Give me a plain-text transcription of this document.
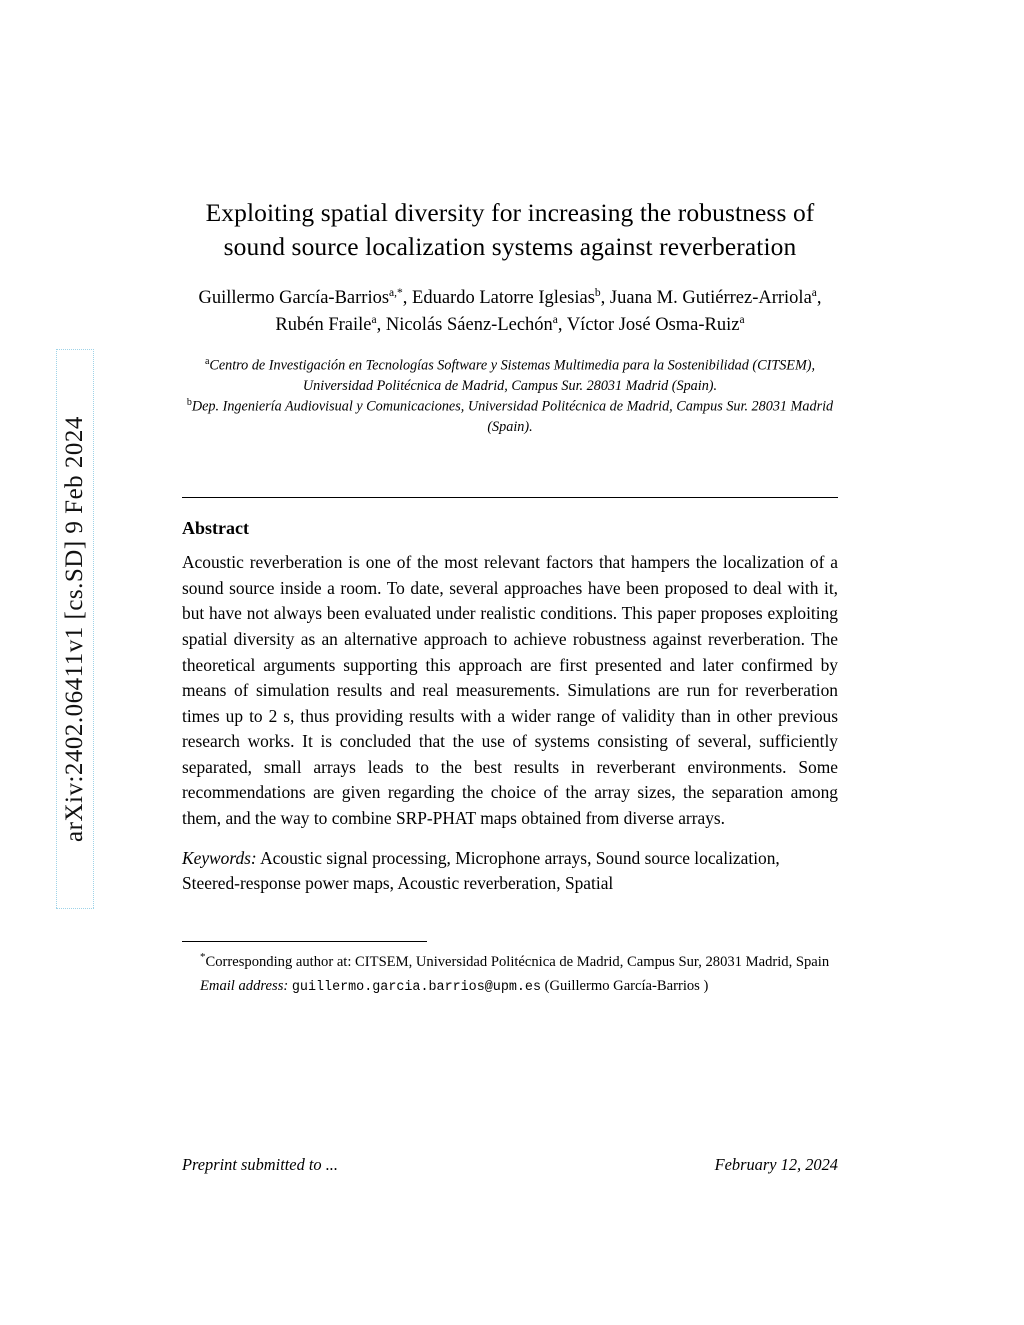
arXiv:2402.06411v1 [cs.SD] 9 Feb 2024
Exploiting spatial diversity for increasing the robustness of sound source localization systems against reverberation
Guillermo García-Barrios$^{a,*}$, Eduardo Latorre Iglesias$^b$, Juana M. Gutiérrez-Arriola$^a$, Rubén Fraile$^a$, Nicolás Sáenz-Lechón$^a$, Víctor José Osma-Ruiz$^a$

$^a$Centro de Investigación en Tecnologías Software y Sistemas Multimedia para la Sostenibilidad (CITSEM), Universidad Politécnica de Madrid, Campus Sur. 28031 Madrid (Spain).

$^b$Dep. Ingeniería Audiovisual y Comunicaciones, Universidad Politécnica de Madrid, Campus Sur. 28031 Madrid (Spain).

Abstract
Acoustic reverberation is one of the most relevant factors that hampers the localization of a sound source inside a room. To date, several approaches have been proposed to deal with it, but have not always been evaluated under realistic conditions. This paper proposes exploiting spatial diversity as an alternative approach to achieve robustness against reverberation. The theoretical arguments supporting this approach are first presented and later confirmed by means of simulation results and real measurements. Simulations are run for reverberation times up to 2 s, thus providing results with a wider range of validity than in other previous research works. It is concluded that the use of systems consisting of several, sufficiently separated, small arrays leads to the best results in reverberant environments. Some recommendations are given regarding the choice of the array sizes, the separation among them, and the way to combine SRP-PHAT maps obtained from diverse arrays.
Keywords: Acoustic signal processing, Microphone arrays, Sound source localization, Steered-response power maps, Acoustic reverberation, Spatial
*Corresponding author at: CITSEM, Universidad Politécnica de Madrid, Campus Sur, 28031 Madrid, Spain
Email address: guillermo.garcia.barrios@upm.es (Guillermo García-Barrios )
Preprint submitted to ...	February 12, 2024
